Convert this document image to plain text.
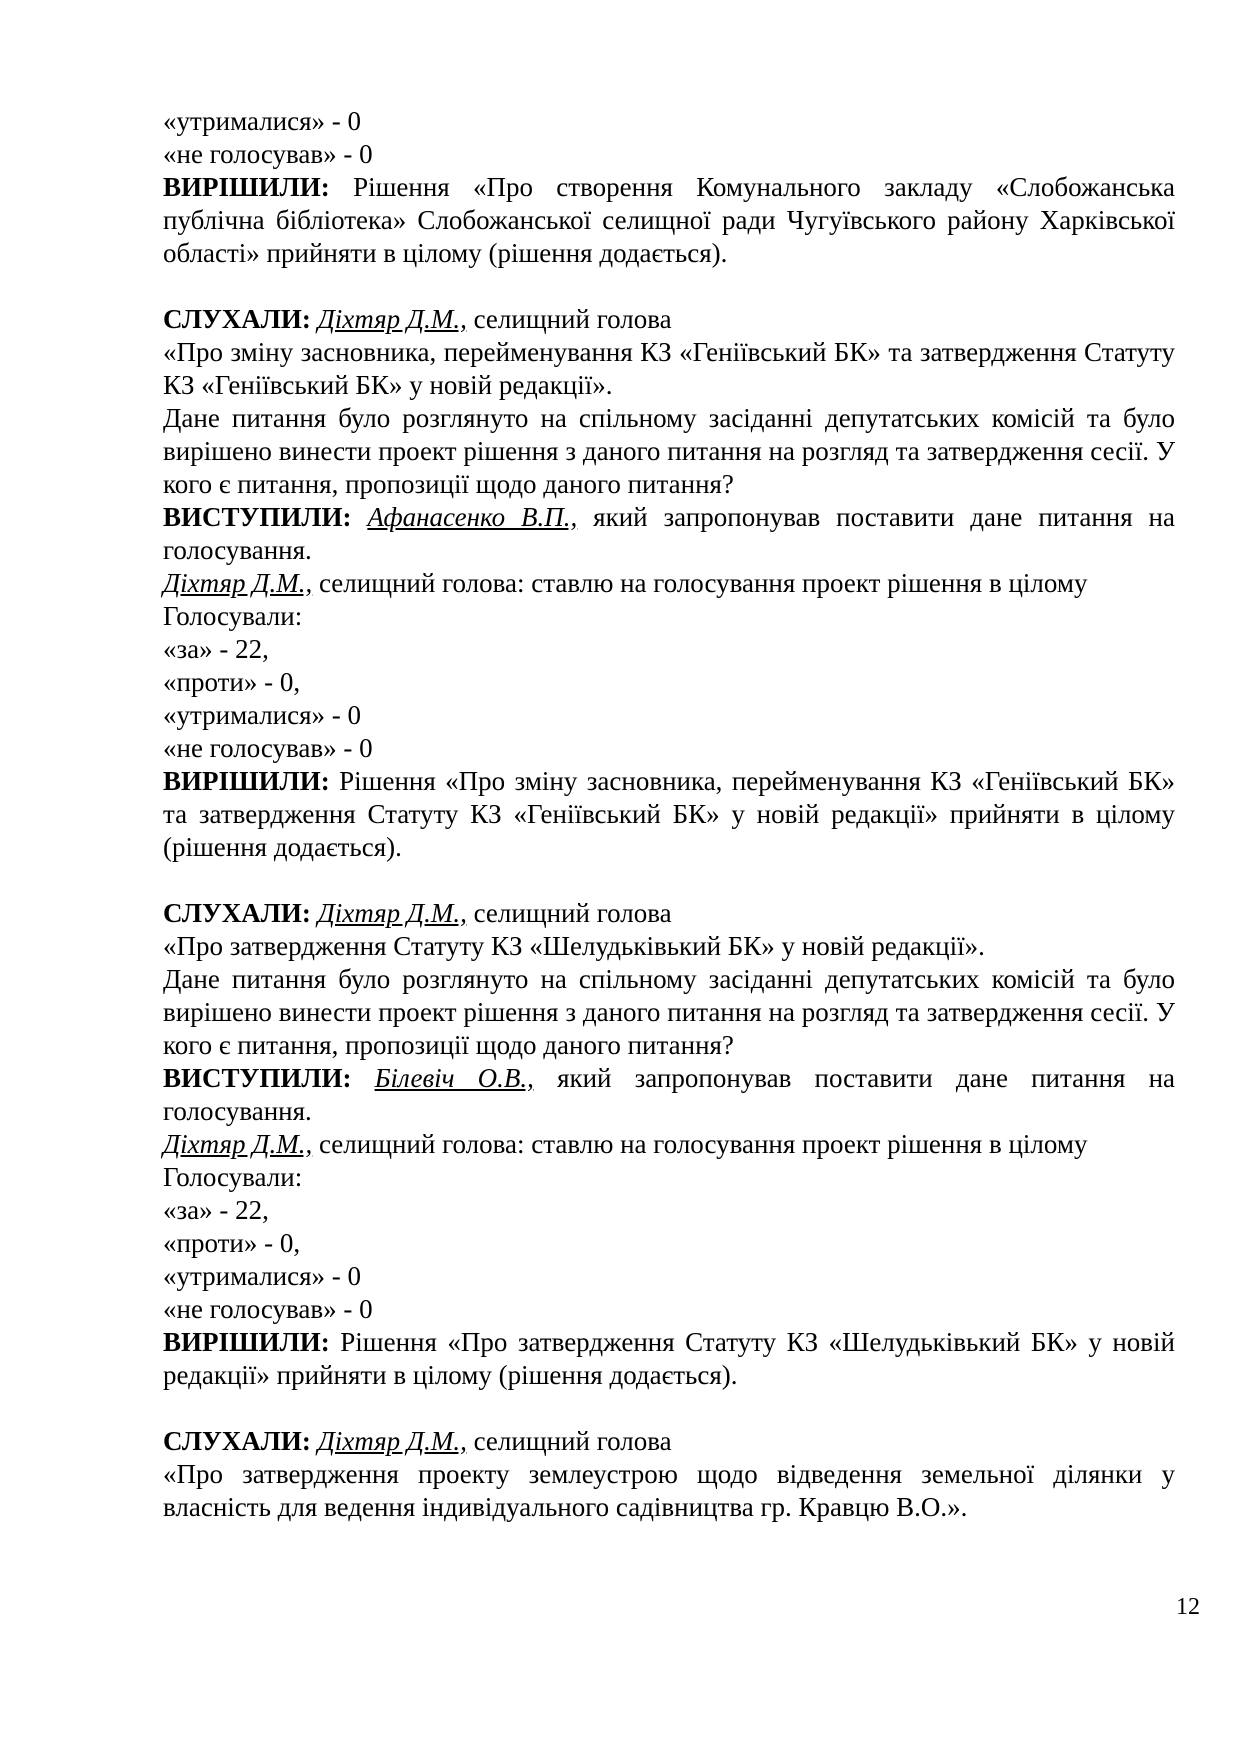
«утрималися» - 0

«не голосував» - 0

ВИРІШИЛИ: Рішення «Про створення Комунального закладу «Слобожанська публічна бібліотека» Слобожанської селищної ради Чугуївського району Харківської області» прийняти в цілому (рішення додається).

СЛУХАЛИ: Діхтяр Д.М., селищний голова

«Про зміну засновника, перейменування КЗ «Геніївський БК» та затвердження Статуту КЗ «Геніївський БК» у новій редакції».

Дане питання було розглянуто на спільному засіданні депутатських комісій та було вирішено винести проект рішення з даного питання на розгляд та затвердження сесії. У кого є питання, пропозиції щодо даного питання?

ВИСТУПИЛИ: Афанасенко В.П., який запропонував поставити дане питання на голосування.

Діхтяр Д.М., селищний голова: ставлю на голосування проект рішення в цілому

Голосували:

«за» - 22,

«проти» - 0,

«утрималися» - 0

«не голосував» - 0

ВИРІШИЛИ: Рішення «Про зміну засновника, перейменування КЗ «Геніївський БК» та затвердження Статуту КЗ «Геніївський БК» у новій редакції» прийняти в цілому (рішення додається).

СЛУХАЛИ: Діхтяр Д.М., селищний голова

«Про затвердження Статуту КЗ «Шелудьківький БК» у новій редакції».

Дане питання було розглянуто на спільному засіданні депутатських комісій та було вирішено винести проект рішення з даного питання на розгляд та затвердження сесії. У кого є питання, пропозиції щодо даного питання?

ВИСТУПИЛИ: Білевіч О.В., який запропонував поставити дане питання на голосування.

Діхтяр Д.М., селищний голова: ставлю на голосування проект рішення в цілому

Голосували:

«за» - 22,

«проти» - 0,

«утрималися» - 0

«не голосував» - 0

ВИРІШИЛИ: Рішення «Про затвердження Статуту КЗ «Шелудьківький БК» у новій редакції» прийняти в цілому (рішення додається).

СЛУХАЛИ: Діхтяр Д.М., селищний голова

«Про затвердження проекту землеустрою щодо відведення земельної ділянки у власність для ведення індивідуального садівництва гр. Кравцю В.О.».

12
